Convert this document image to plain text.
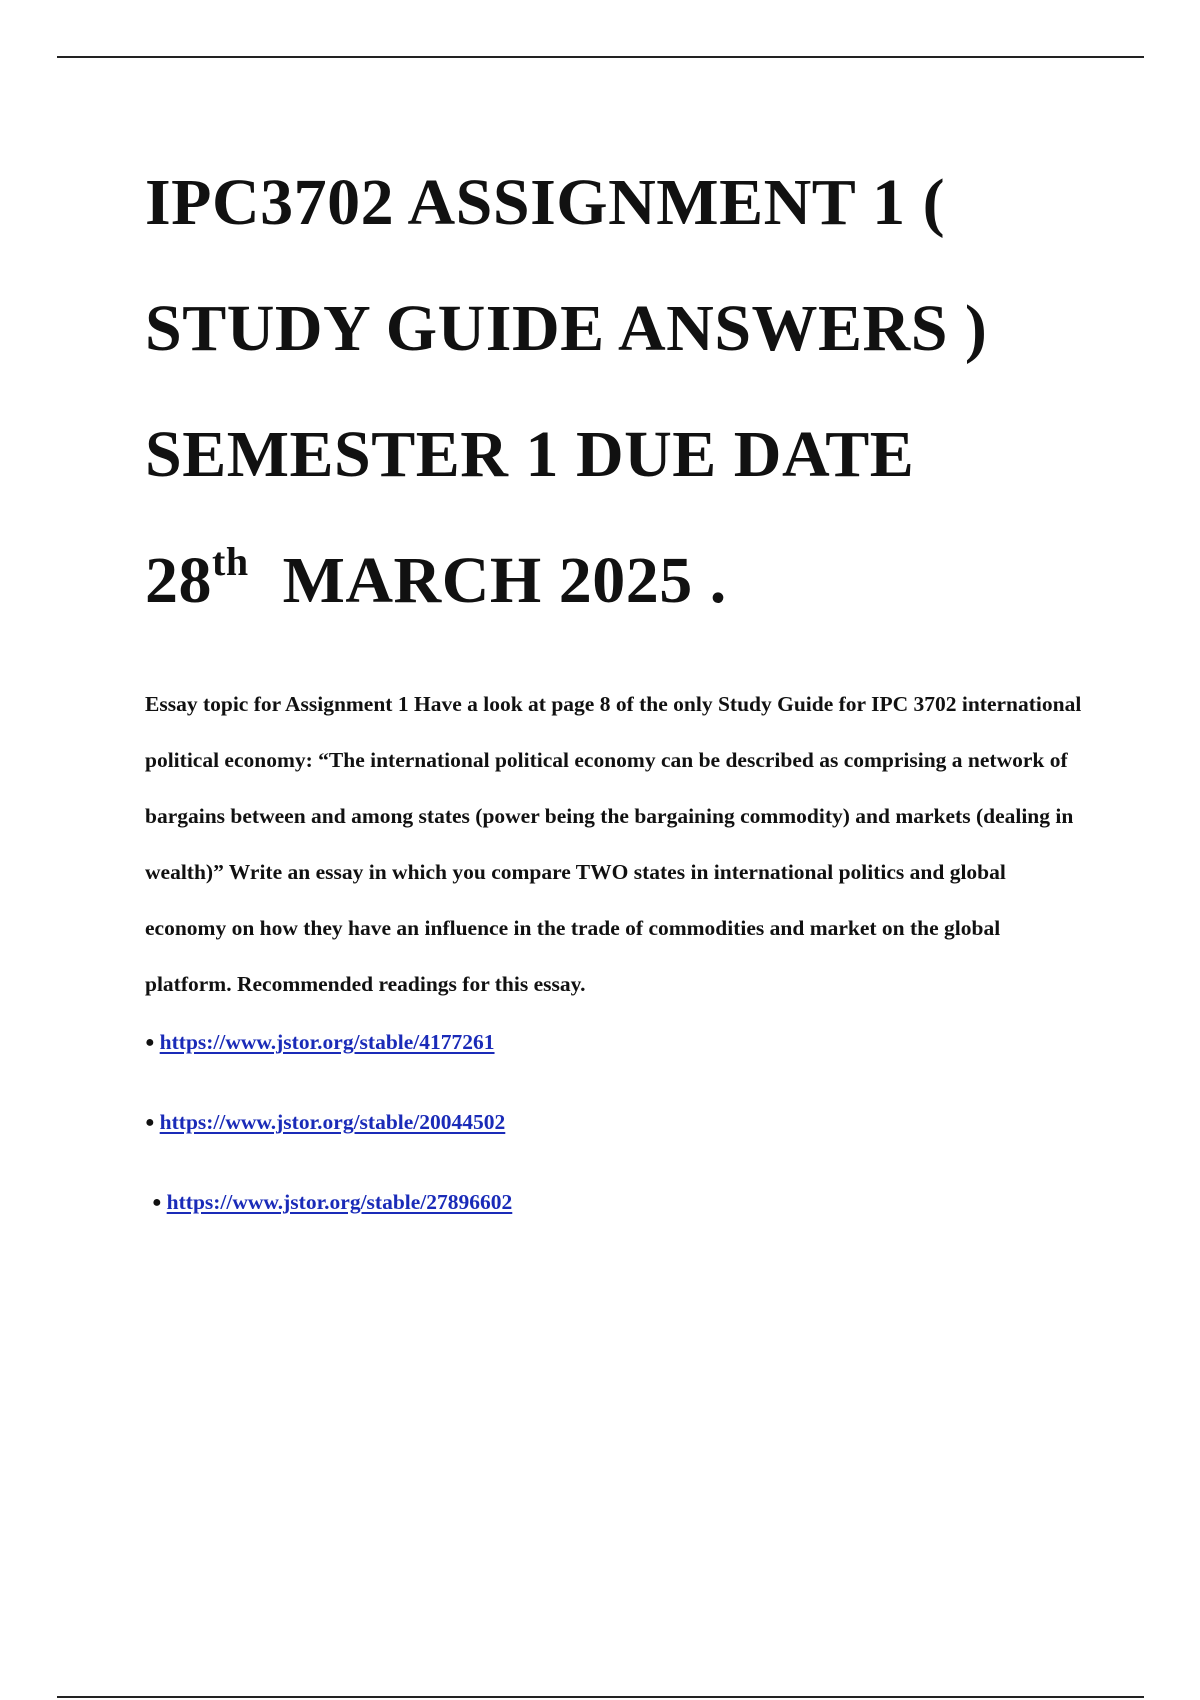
IPC3702 ASSIGNMENT 1 (
STUDY GUIDE ANSWERS )
SEMESTER 1 DUE DATE
28th MARCH 2025 .

Essay topic for Assignment 1 Have a look at page 8 of the only Study Guide for IPC 3702 international political economy: “The international political economy can be described as comprising a network of bargains between and among states (power being the bargaining commodity) and markets (dealing in wealth)” Write an essay in which you compare TWO states in international politics and global economy on how they have an influence in the trade of commodities and market on the global platform. Recommended readings for this essay.

● https://www.jstor.org/stable/4177261
● https://www.jstor.org/stable/20044502
● https://www.jstor.org/stable/27896602
